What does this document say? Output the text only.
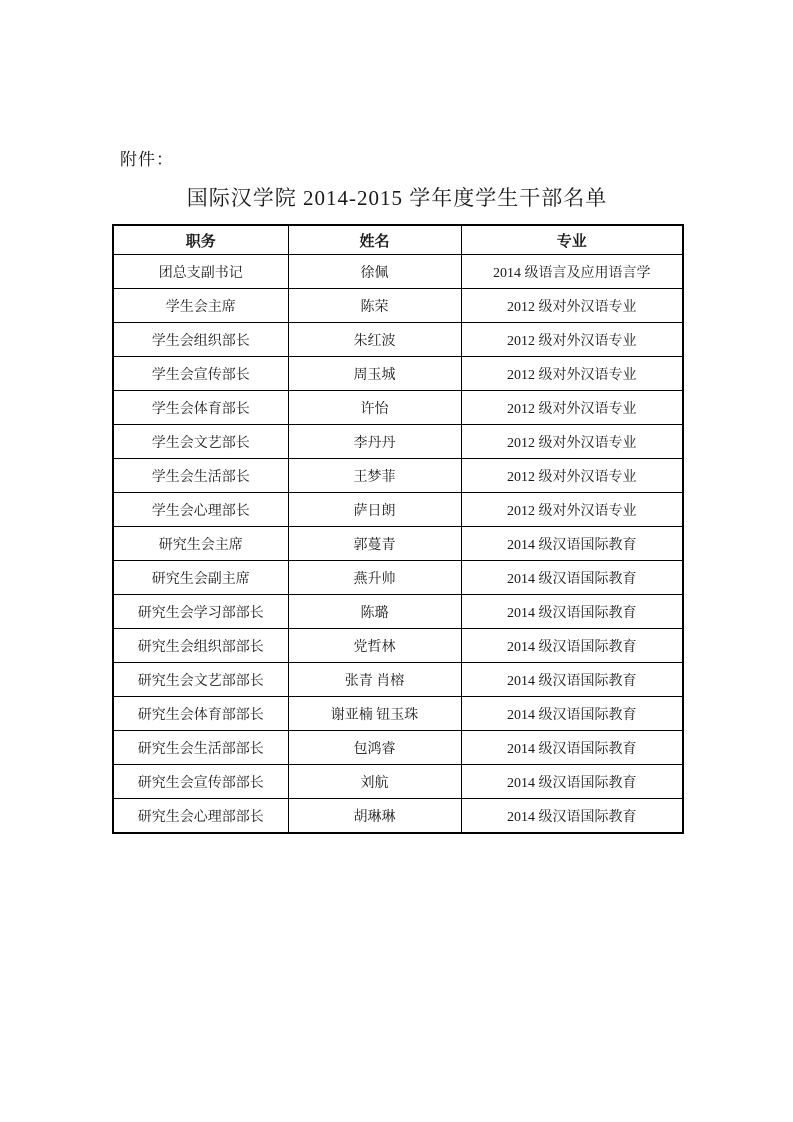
附件：
国际汉学院 2014-2015 学年度学生干部名单
职务	姓名	专业
团总支副书记	徐佩	2014 级语言及应用语言学
学生会主席	陈荣	2012 级对外汉语专业
学生会组织部长	朱红波	2012 级对外汉语专业
学生会宣传部长	周玉城	2012 级对外汉语专业
学生会体育部长	许怡	2012 级对外汉语专业
学生会文艺部长	李丹丹	2012 级对外汉语专业
学生会生活部长	王梦菲	2012 级对外汉语专业
学生会心理部长	萨日朗	2012 级对外汉语专业
研究生会主席	郭蔓青	2014 级汉语国际教育
研究生会副主席	燕升帅	2014 级汉语国际教育
研究生会学习部部长	陈璐	2014 级汉语国际教育
研究生会组织部部长	党哲林	2014 级汉语国际教育
研究生会文艺部部长	张青 肖榕	2014 级汉语国际教育
研究生会体育部部长	谢亚楠 钮玉珠	2014 级汉语国际教育
研究生会生活部部长	包鸿睿	2014 级汉语国际教育
研究生会宣传部部长	刘航	2014 级汉语国际教育
研究生会心理部部长	胡琳琳	2014 级汉语国际教育
